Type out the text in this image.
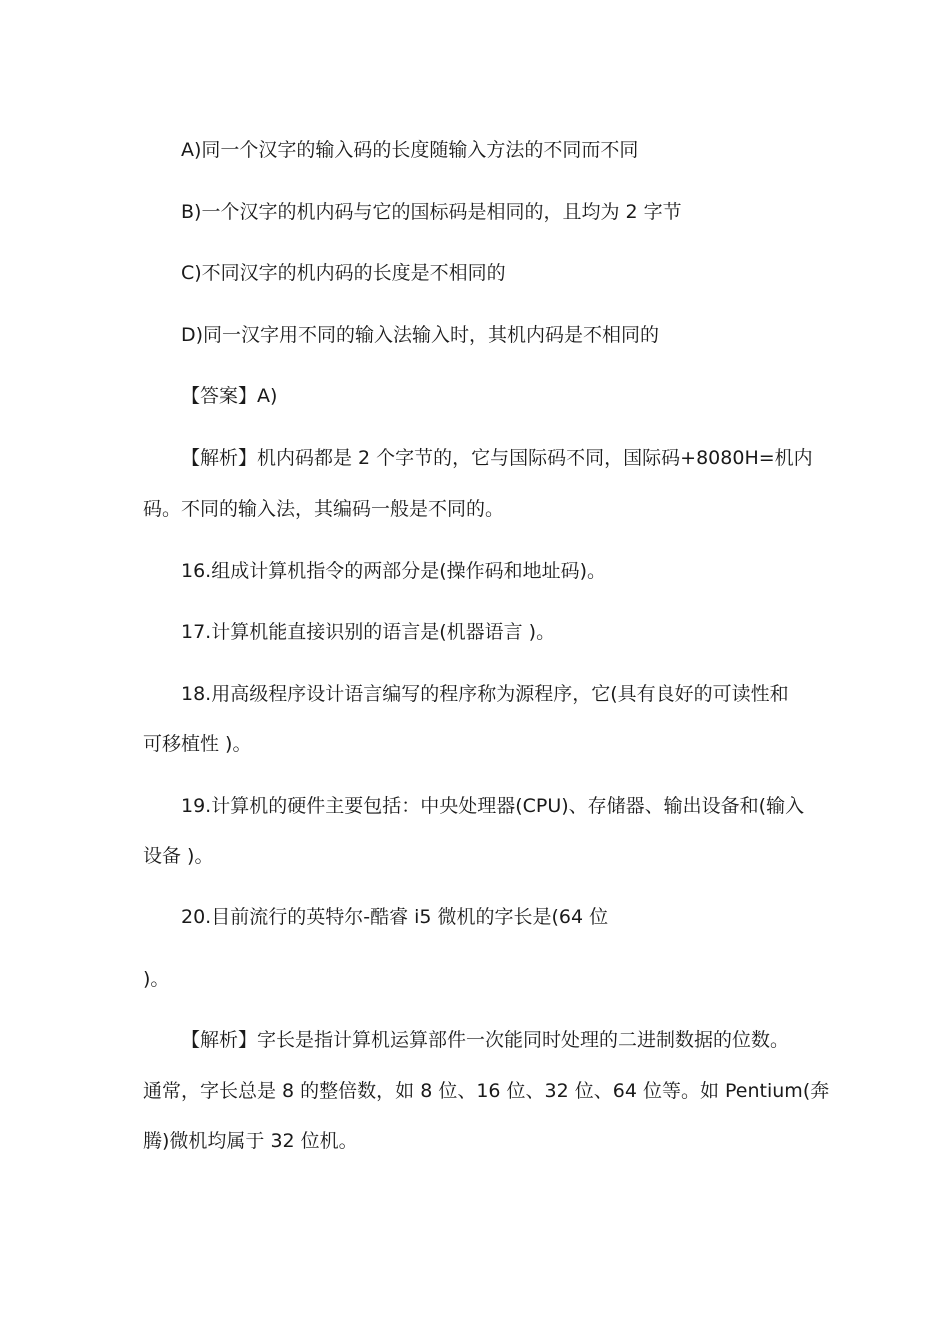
A)同一个汉字的输入码的长度随输入方法的不同而不同
B)一个汉字的机内码与它的国标码是相同的，且均为 2 字节
C)不同汉字的机内码的长度是不相同的
D)同一汉字用不同的输入法输入时，其机内码是不相同的
【答案】A)
【解析】机内码都是 2 个字节的，它与国际码不同，国际码+8080H=机内
码。不同的输入法，其编码一般是不同的。
16.组成计算机指令的两部分是(操作码和地址码)。
17.计算机能直接识别的语言是(机器语言 )。
18.用高级程序设计语言编写的程序称为源程序，它(具有良好的可读性和
可移植性 )。
19.计算机的硬件主要包括：中央处理器(CPU)、存储器、输出设备和(输入
设备 )。
20.目前流行的英特尔-酷睿 i5 微机的字长是(64 位
)。
【解析】字长是指计算机运算部件一次能同时处理的二进制数据的位数。
通常，字长总是 8 的整倍数，如 8 位、16 位、32 位、64 位等。如 Pentium(奔
腾)微机均属于 32 位机。
